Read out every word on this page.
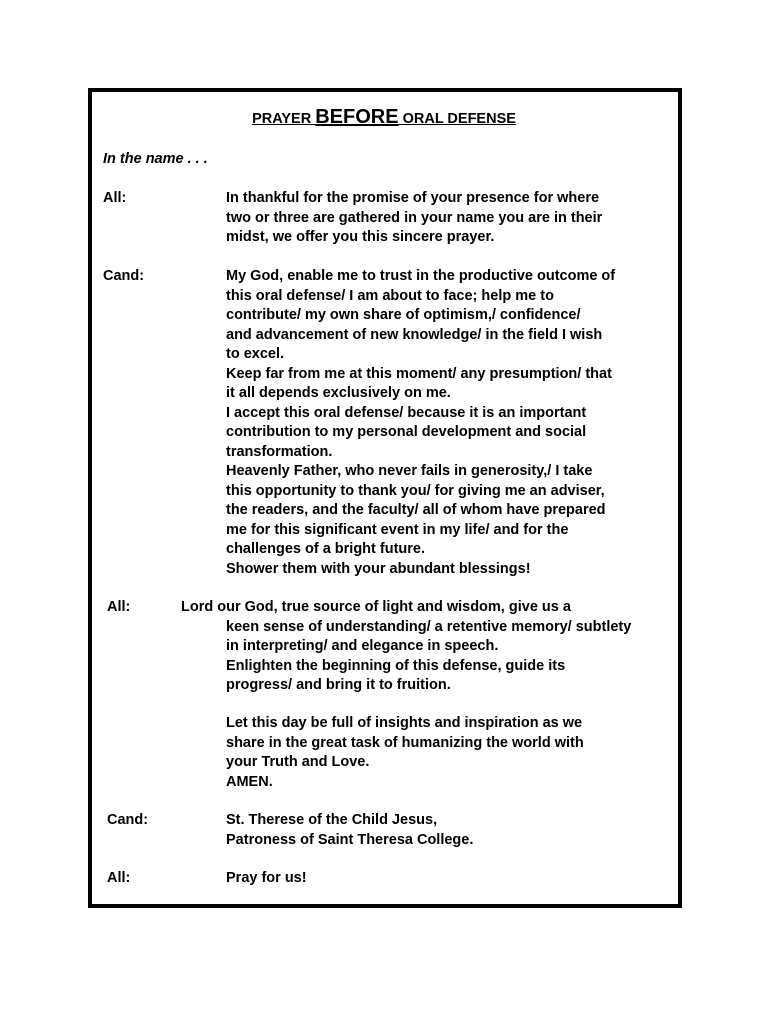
PRAYER BEFORE ORAL DEFENSE
In the name . . .
All:	In thankful for the promise of your presence for where
two or three are gathered in your name you are in their
midst, we offer you this sincere prayer.
Cand:	My God, enable me to trust in the productive outcome of
this oral defense/ I am about to face; help me to
contribute/ my own share of optimism,/ confidence/
and advancement of new knowledge/ in the field I wish
to excel.
Keep far from me at this moment/ any presumption/ that
it all depends exclusively on me.
I accept this oral defense/ because it is an important
contribution to my personal development and social
transformation.
Heavenly Father, who never fails in generosity,/ I take
this opportunity to thank you/ for giving me an adviser,
the readers, and the faculty/ all of whom have prepared
me for this significant event in my life/ and for the
challenges of a bright future.
Shower them with your abundant blessings!
All:	Lord our God, true source of light and wisdom, give us a
keen sense of understanding/ a retentive memory/ subtlety
in interpreting/ and elegance in speech.
Enlighten the beginning of this defense, guide its
progress/ and bring it to fruition.
Let this day be full of insights and inspiration as we
share in the great task of humanizing the world with
your Truth and Love.
AMEN.
Cand:	St. Therese of the Child Jesus,
Patroness of Saint Theresa College.
All:	Pray for us!
